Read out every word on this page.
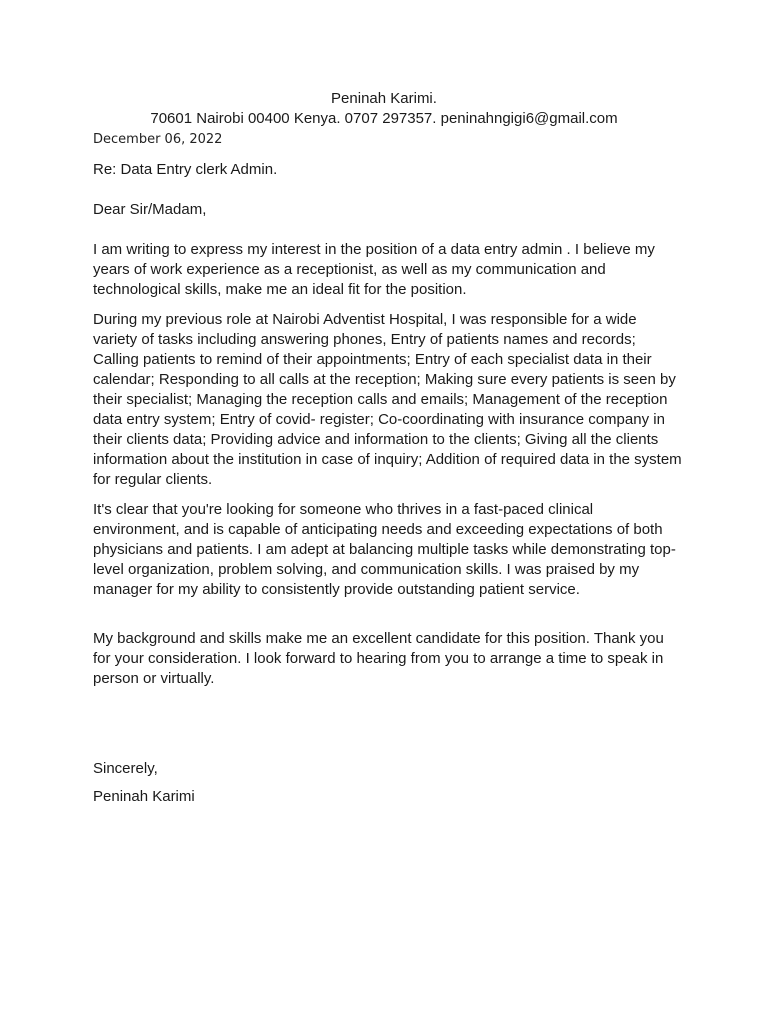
Peninah Karimi.
70601 Nairobi 00400 Kenya. 0707 297357. peninahngigi6@gmail.com
December 06, 2022

Re: Data Entry clerk Admin.

Dear Sir/Madam,

I am writing to express my interest in the position of a data entry admin . I believe my years of work experience as a receptionist, as well as my communication and technological skills, make me an ideal fit for the position.

During my previous role at Nairobi Adventist Hospital, I was responsible for a wide variety of tasks including answering phones, Entry of patients names and records; Calling patients to remind of their appointments; Entry of each specialist data in their calendar; Responding to all calls at the reception; Making sure every patients is seen by their specialist; Managing the reception calls and emails; Management of the reception data entry system; Entry of covid- register; Co-coordinating with insurance company in their clients data; Providing advice and information to the clients; Giving all the clients information about the institution in case of inquiry; Addition of required data in the system for regular clients.

It's clear that you're looking for someone who thrives in a fast-paced clinical environment, and is capable of anticipating needs and exceeding expectations of both physicians and patients. I am adept at balancing multiple tasks while demonstrating top-level organization, problem solving, and communication skills. I was praised by my manager for my ability to consistently provide outstanding patient service.

My background and skills make me an excellent candidate for this position. Thank you for your consideration. I look forward to hearing from you to arrange a time to speak in person or virtually.

Sincerely,

Peninah Karimi
